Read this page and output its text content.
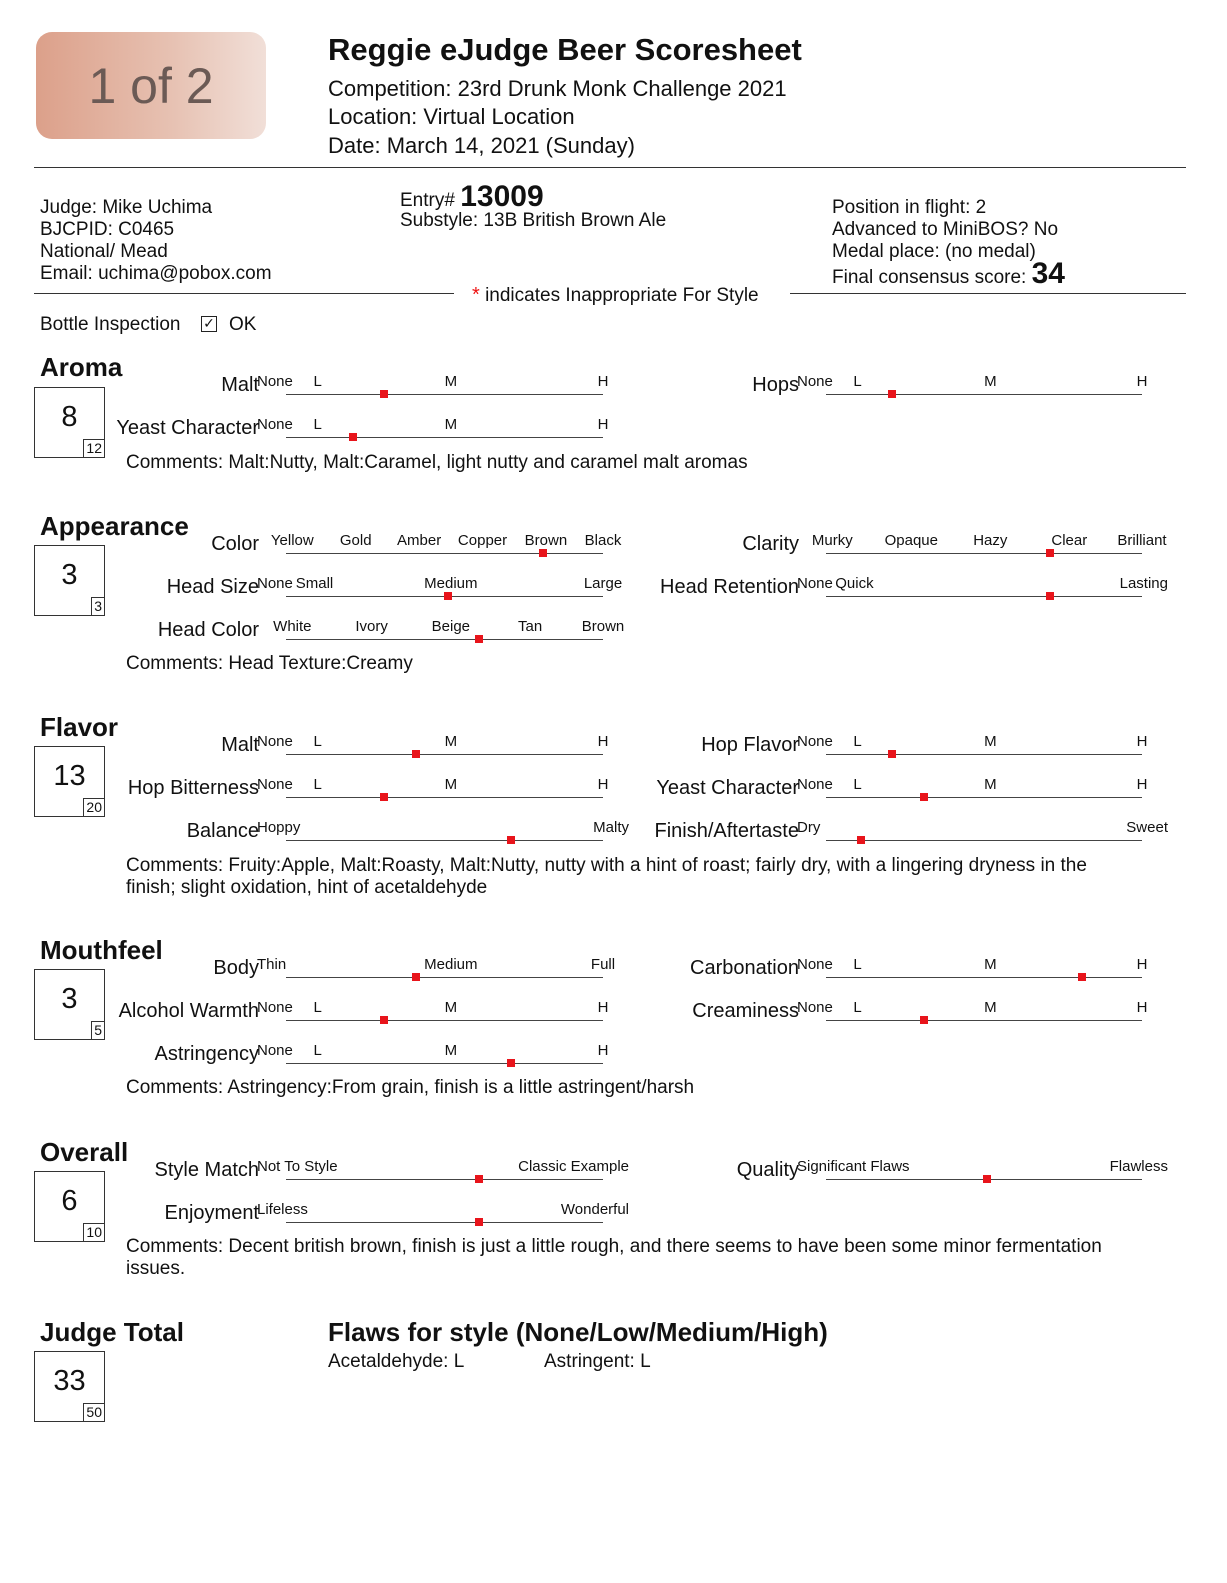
1 of 2
Reggie eJudge Beer Scoresheet
Competition: 23rd Drunk Monk Challenge 2021
Location: Virtual Location
Date: March 14, 2021 (Sunday)
Judge: Mike Uchima
BJCPID: C0465
National/ Mead
Email: uchima@pobox.com
Entry# 13009
Substyle: 13B British Brown Ale
Position in flight: 2
Advanced to MiniBOS? No
Medal place: (no medal)
Final consensus score: 34
* indicates Inappropriate For Style
Bottle Inspection ✓ OK
Aroma
8
12
Comments: Malt:Nutty, Malt:Caramel, light nutty and caramel malt aromas
Appearance
3
3
Comments: Head Texture:Creamy
Flavor
13
20
Comments: Fruity:Apple, Malt:Roasty, Malt:Nutty, nutty with a hint of roast; fairly dry, with a lingering dryness in the finish; slight oxidation, hint of acetaldehyde
Mouthfeel
3
5
Comments: Astringency:From grain, finish is a little astringent/harsh
Overall
6
10
Comments: Decent british brown, finish is just a little rough, and there seems to have been some minor fermentation issues.
Judge Total
33
50
Flaws for style (None/Low/Medium/High)
Acetaldehyde: L	Astringent: L
Malt
None L	M	H	Hops
None L	M	H
Yeast Character
None L	M	H
Color Yellow Gold Amber Copper Brown Black	Clarity Murky Opaque Hazy	Clear Brilliant
Head Size
None Small	Medium	Large	Head Retention
None Quick	Lasting
Head Color White	Ivory	Beige	Tan	Brown
Malt
None L	M	H	Hop Flavor
None L	M	H
Hop Bitterness
None L	M	H	Yeast Character
None L	M	H
Balance
Hoppy	Malty	Finish/Aftertaste
Dry	Sweet
Body
Thin	Medium	Full	Carbonation
None L	M	H
Alcohol Warmth
None L	M	H	Creaminess
None L	M	H
Astringency
None L	M	H
Style Match
Not To Style	Classic Example	Quality
Significant Flaws	Flawless
Enjoyment
Lifeless	Wonderful
